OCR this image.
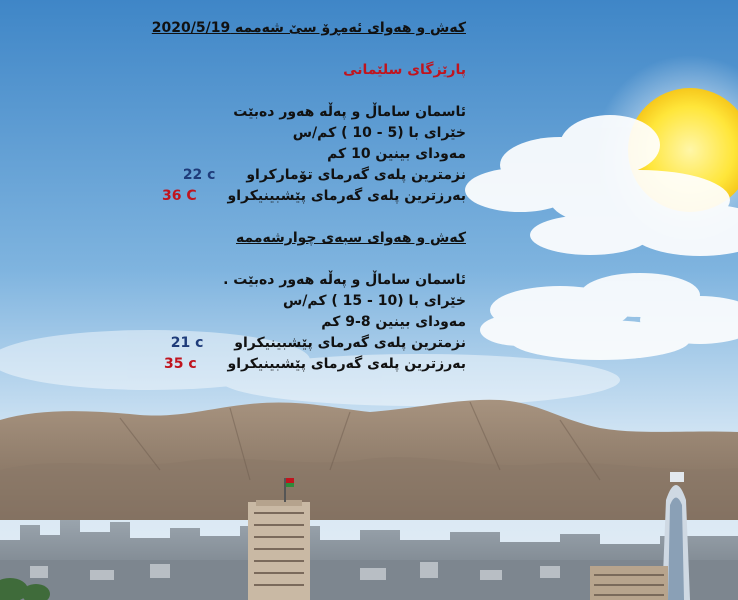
كەش و هەوای ئەمڕۆ سێ شەممە 2020/5/19
پارێزگای سلێمانی
ئاسمان ساماڵ و پەڵە هەور دەبێت
خێرای با (5 - 10 ) کم/س
مەودای بینین 10 کم
نزمترین پلەی گەرمای تۆمارکراو 22 c
بەرزترین پلەی گەرمای پێشبینیکراو 36 C
کەش و هەوای سبەی چوارشەممە
ئاسمان ساماڵ و پەڵە هەور دەبێت .
خێرای با (10 - 15 ) کم/س
مەودای بینین 8-9 کم
نزمترین پلەی گەرمای پێشبینیکراو 21 c
بەرزترین پلەی گەرمای پێشبینیکراو 35 c
